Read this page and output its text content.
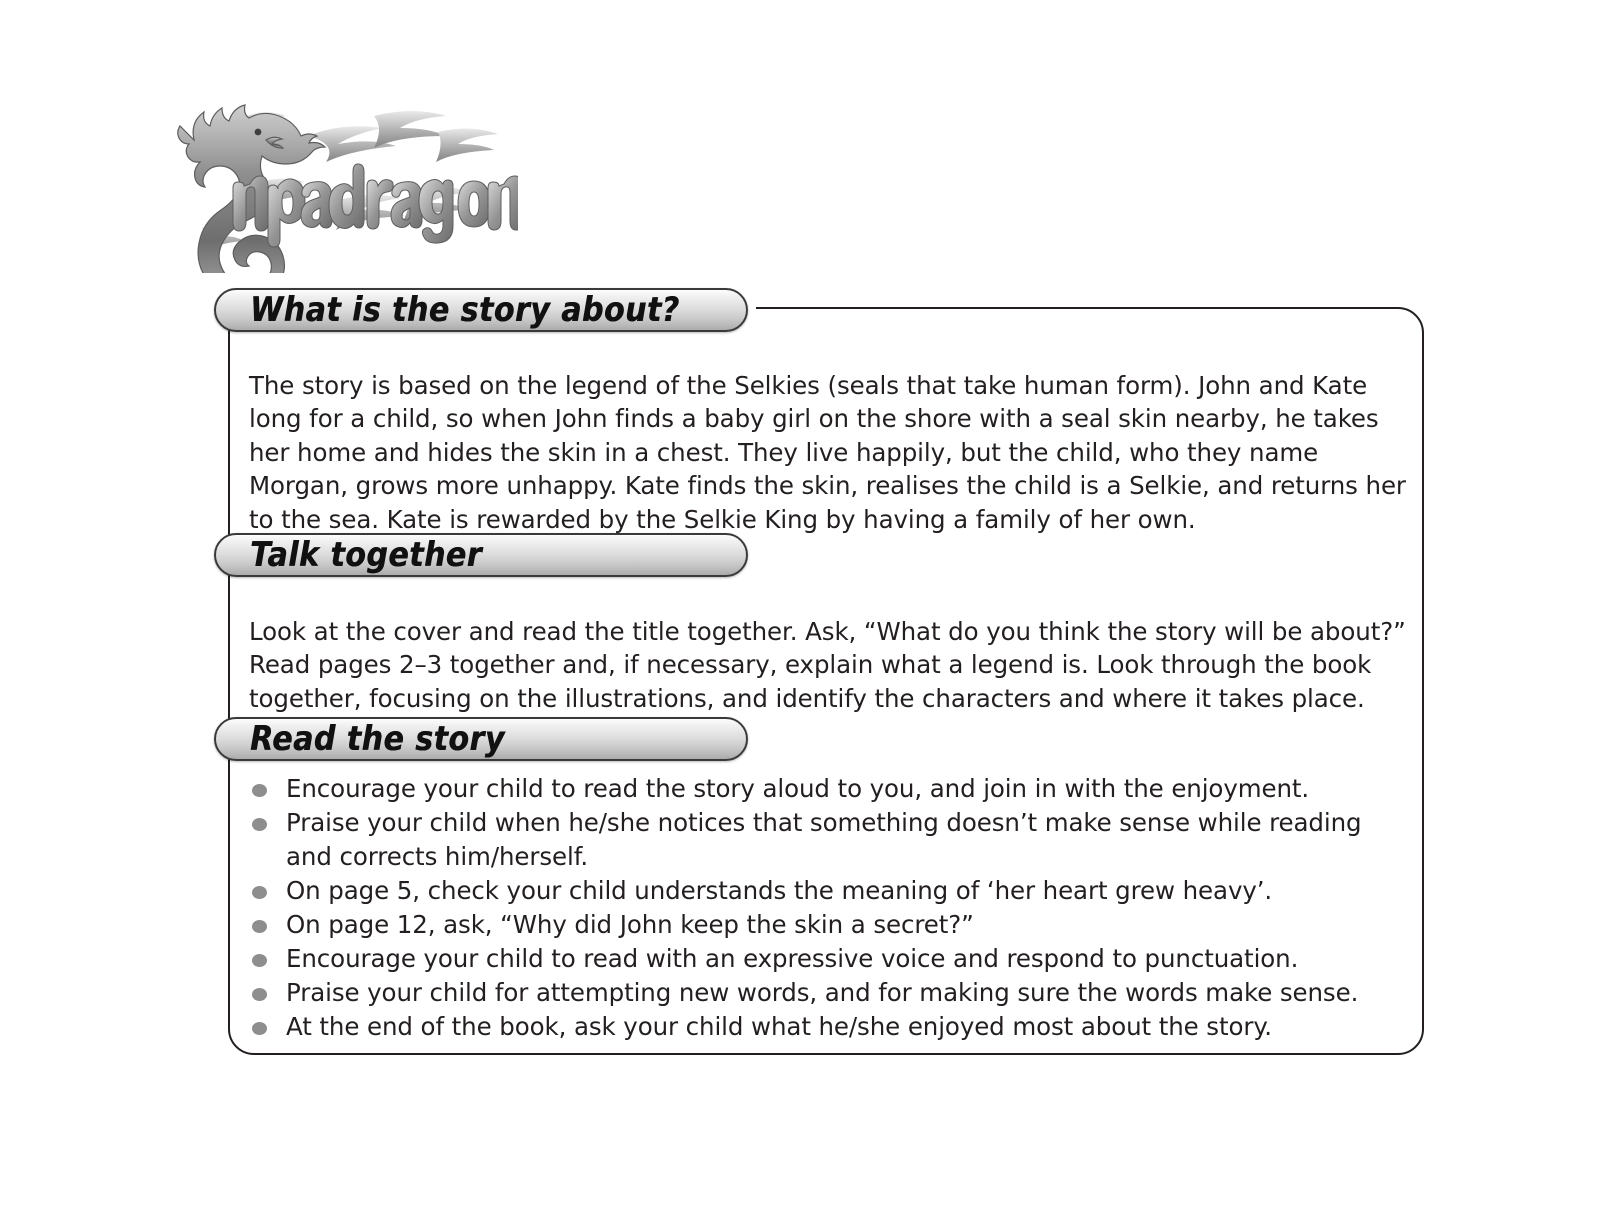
What is the story about?

The story is based on the legend of the Selkies (seals that take human form). John and Kate long for a child, so when John finds a baby girl on the shore with a seal skin nearby, he takes her home and hides the skin in a chest. They live happily, but the child, who they name Morgan, grows more unhappy. Kate finds the skin, realises the child is a Selkie, and returns her to the sea. Kate is rewarded by the Selkie King by having a family of her own.

Talk together

Look at the cover and read the title together. Ask, “What do you think the story will be about?” Read pages 2–3 together and, if necessary, explain what a legend is. Look through the book together, focusing on the illustrations, and identify the characters and where it takes place.

Read the story
Encourage your child to read the story aloud to you, and join in with the enjoyment.
Praise your child when he/she notices that something doesn’t make sense while reading and corrects him/herself.
On page 5, check your child understands the meaning of ‘her heart grew heavy’.
On page 12, ask, “Why did John keep the skin a secret?”
Encourage your child to read with an expressive voice and respond to punctuation.
Praise your child for attempting new words, and for making sure the words make sense.
At the end of the book, ask your child what he/she enjoyed most about the story.
